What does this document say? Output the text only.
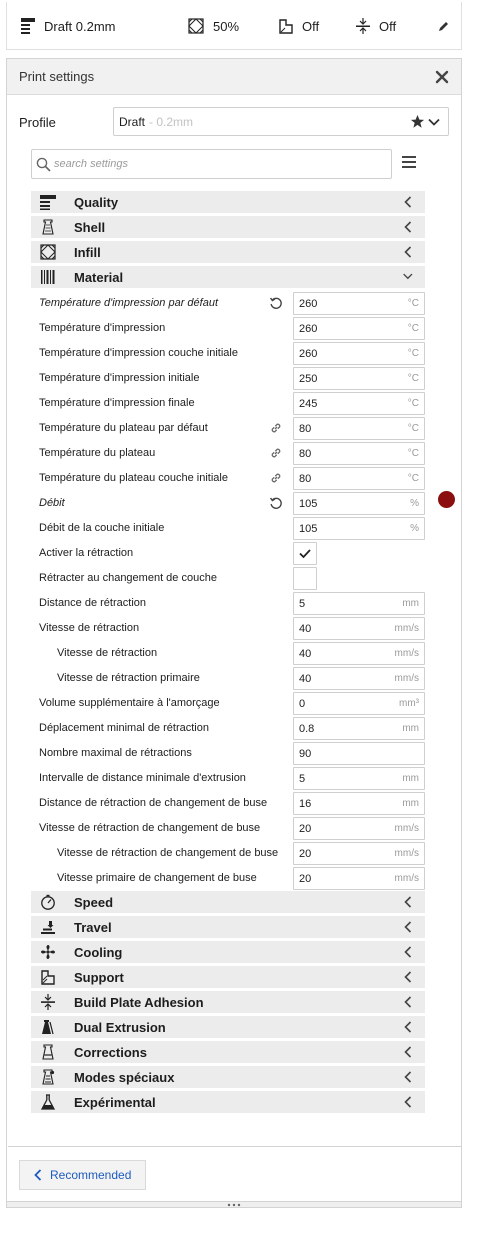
Draft 0.2mm	50%	Off	Off
Print settings
Profile	Draft - 0.2mm
search settings
Quality
Shell
Infill
Material
Température d'impression par défaut	260	°C
Température d'impression	260	°C
Température d'impression couche initiale	260	°C
Température d'impression initiale	250	°C
Température d'impression finale	245	°C
Température du plateau par défaut	80	°C
Température du plateau	80	°C
Température du plateau couche initiale	80	°C
Débit	105	%
Débit de la couche initiale	105	%
Activer la rétraction
Rétracter au changement de couche
Distance de rétraction	5	mm
Vitesse de rétraction	40	mm/s
Vitesse de rétraction	40	mm/s
Vitesse de rétraction primaire	40	mm/s
Volume supplémentaire à l'amorçage	0	mm³
Déplacement minimal de rétraction	0.8	mm
Nombre maximal de rétractions	90
Intervalle de distance minimale d'extrusion	5	mm
Distance de rétraction de changement de buse	16	mm
Vitesse de rétraction de changement de buse	20	mm/s
Vitesse de rétraction de changement de buse 20	mm/s
Vitesse primaire de changement de buse	20	mm/s
Speed
Travel
Cooling
Support
Build Plate Adhesion
Dual Extrusion
Corrections
Modes spéciaux
Expérimental
Recommended
